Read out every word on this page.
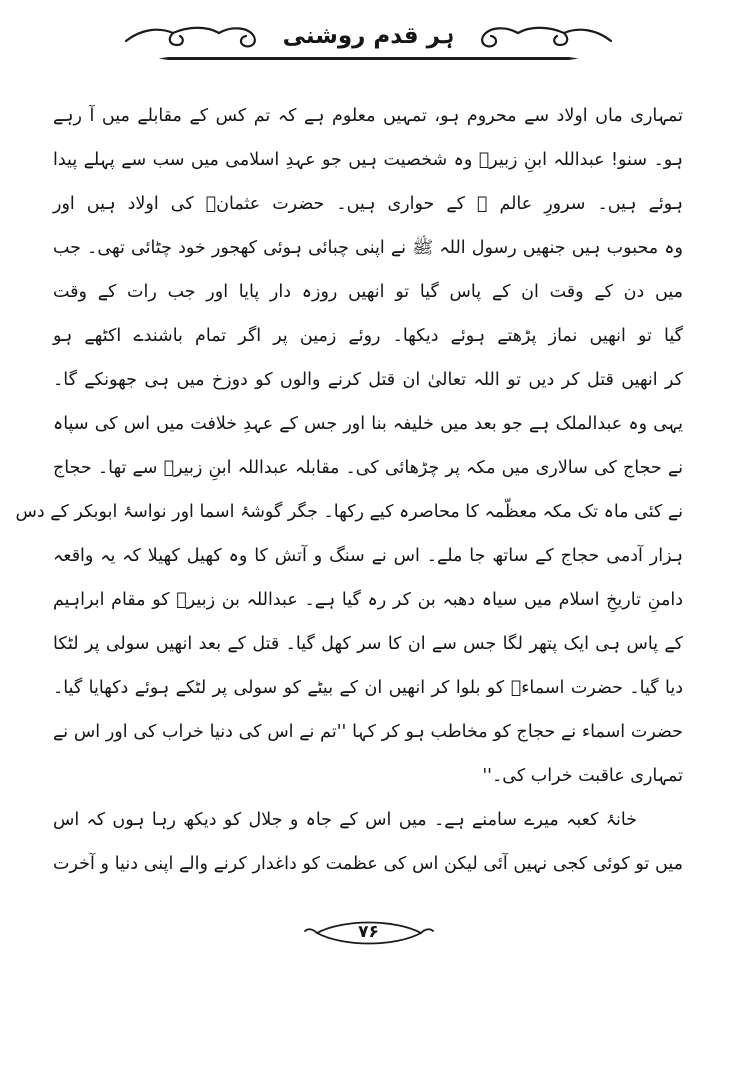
ہر قدم روشنی
تمہاری ماں اولاد سے محروم ہو، تمہیں معلوم ہے کہ تم کس کے مقابلے میں آ رہے
ہو۔ سنو! عبداللہ ابنِ زبیرؓ وہ شخصیت ہیں جو عہدِ اسلامی میں سب سے پہلے پیدا
ہوئے ہیں۔ سرورِ عالم ﷺ کے حواری ہیں۔ حضرت عثمانؓ کی اولاد ہیں اور
وہ محبوب ہیں جنھیں رسول اللہ ﷺ نے اپنی چبائی ہوئی کھجور خود چٹائی تھی۔ جب
میں دن کے وقت ان کے پاس گیا تو انھیں روزہ دار پایا اور جب رات کے وقت
گیا تو انھیں نماز پڑھتے ہوئے دیکھا۔ روئے زمین پر اگر تمام باشندے اکٹھے ہو
کر انھیں قتل کر دیں تو اللہ تعالیٰ ان قتل کرنے والوں کو دوزخ میں ہی جھونکے گا۔
یہی وہ عبدالملک ہے جو بعد میں خلیفہ بنا اور جس کے عہدِ خلافت میں اس کی سپاہ
نے حجاج کی سالاری میں مکہ پر چڑھائی کی۔ مقابلہ عبداللہ ابنِ زبیرؓ سے تھا۔ حجاج
نے کئی ماہ تک مکہ معظّمہ کا محاصرہ کیے رکھا۔ جگر گوشۂ اسما اور نواسۂ ابوبکر کے دس
ہزار آدمی حجاج کے ساتھ جا ملے۔ اس نے سنگ و آتش کا وہ کھیل کھیلا کہ یہ واقعہ
دامنِ تاریخِ اسلام میں سیاہ دھبہ بن کر رہ گیا ہے۔ عبداللہ بن زبیرؓ کو مقام ابراہیم
کے پاس ہی ایک پتھر لگا جس سے ان کا سر کھل گیا۔ قتل کے بعد انھیں سولی پر لٹکا
دیا گیا۔ حضرت اسماءؓ کو بلوا کر انھیں ان کے بیٹے کو سولی پر لٹکے ہوئے دکھایا گیا۔
حضرت اسماء نے حجاج کو مخاطب ہو کر کہا ''تم نے اس کی دنیا خراب کی اور اس نے
تمہاری عاقبت خراب کی۔''
خانۂ کعبہ میرے سامنے ہے۔ میں اس کے جاہ و جلال کو دیکھ رہا ہوں کہ اس
میں تو کوئی کجی نہیں آئی لیکن اس کی عظمت کو داغدار کرنے والے اپنی دنیا و آخرت
۷۶
